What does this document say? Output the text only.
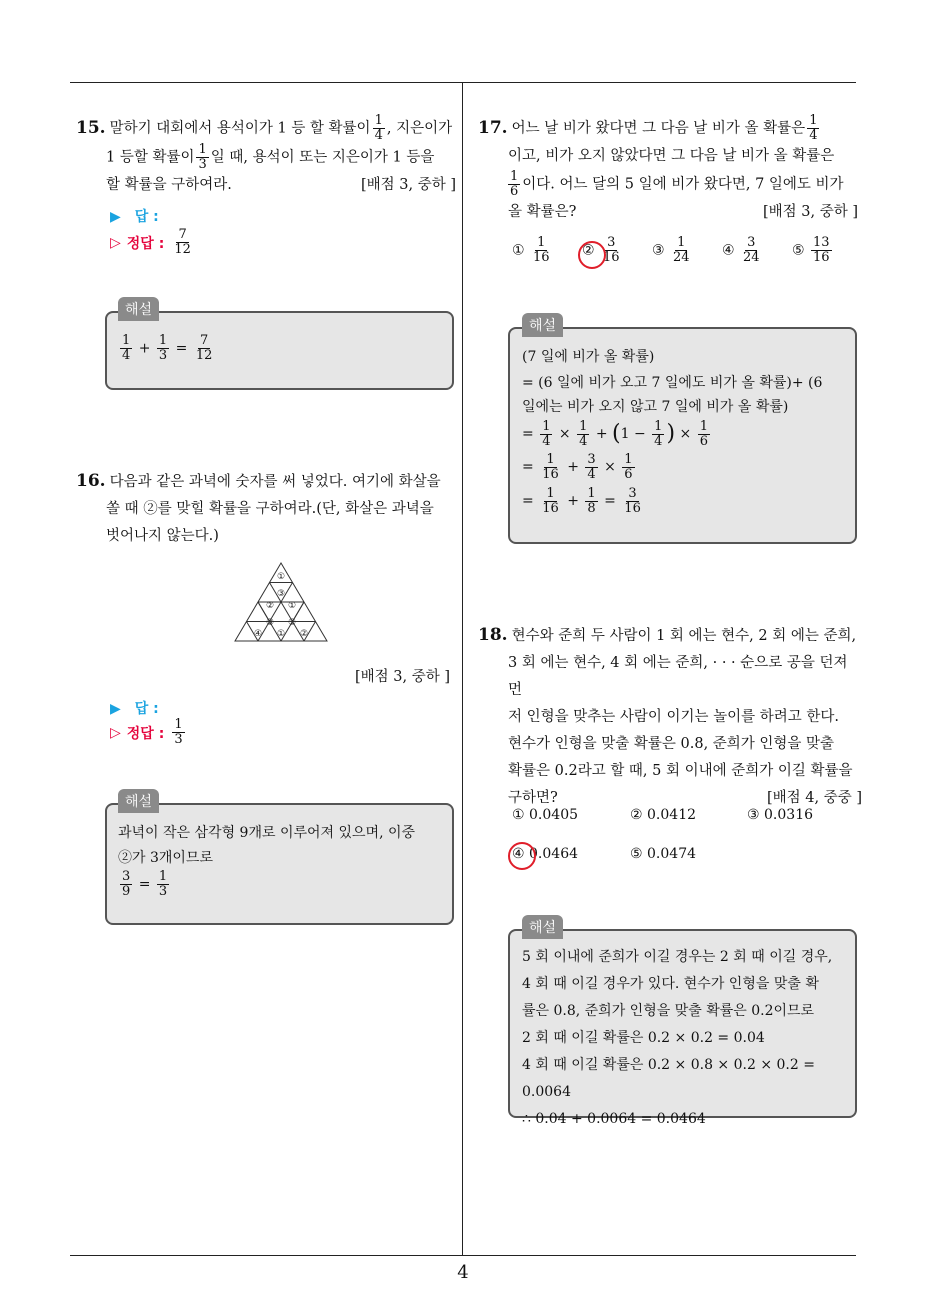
4
15. 말하기 대회에서 용석이가 1 등 할 확률이 $\frac{1}{4}$ , 지은이가
1 등할 확률이 $\frac{1}{3}$ 일 때, 용석이 또는 지은이가 1 등을
할 확률을 구하여라.	[배점 3, 중하 ]
▶ 답 :
▷ 정답 : $\frac{7}{12}$
해설
$\frac{1}{4} + \frac{1}{3} = \frac{7}{12}$
16. 다음과 같은 과녁에 숫자를 써 넣었다. 여기에 화살을
쏠 때 ②를 맞힐 확률을 구하여라.(단, 화살은 과녁을
벗어나지 않는다.)
①
③
② ①
④
③
① ②
②
[배점 3, 중하 ]
▶ 답 :
▷ 정답 : $\frac{1}{3}$
해설
과녁이 작은 삼각형 9개로 이루어져 있으며, 이중
②가 3개이므로
$\frac{3}{9} = \frac{1}{3}$
17. 어느 날 비가 왔다면 그 다음 날 비가 올 확률은 $\frac{1}{4}$
이고, 비가 오지 않았다면 그 다음 날 비가 올 확률은
$\frac{1}{6}$ 이다. 어느 달의 5 일에 비가 왔다면, 7 일에도 비가
올 확률은?	[배점 3, 중하 ]
① $\frac{1}{16}$ ② $\frac{3}{16}$ ③ $\frac{1}{24}$ ④ $\frac{3}{24}$ ⑤ $\frac{13}{16}$
해설
(7 일에 비가 올 확률)
= (6 일에 비가 오고 7 일에도 비가 올 확률)+ (6
일에는 비가 오지 않고 7 일에 비가 올 확률)
= $\frac{1}{4} \times \frac{1}{4} + (1 - \frac{1}{4}$ ) × $\frac{1}{6}$
= $\frac{1}{16} + \frac{3}{4} \times \frac{1}{6}$
= $\frac{1}{16} + \frac{1}{8} = \frac{3}{16}$
18. 현수와 준희 두 사람이 1 회 에는 현수, 2 회 에는 준희,
3 회 에는 현수, 4 회 에는 준희, · · · 순으로 공을 던져 먼
저 인형을 맞추는 사람이 이기는 놀이를 하려고 한다.
현수가 인형을 맞출 확률은 0.8, 준희가 인형을 맞출
확률은 0.2라고 할 때, 5 회 이내에 준희가 이길 확률을
구하면?	[배점 4, 중중 ]
① 0.0405	② 0.0412	③ 0.0316
④ 0.0464	⑤ 0.0474
해설
5 회 이내에 준희가 이길 경우는 2 회 때 이길 경우,
4 회 때 이길 경우가 있다. 현수가 인형을 맞출 확
률은 0.8, 준희가 인형을 맞출 확률은 0.2이므로
2 회 때 이길 확률은 0.2 × 0.2 = 0.04
4 회 때 이길 확률은 0.2 × 0.8 × 0.2 × 0.2 = 0.0064
∴ 0.04 + 0.0064 = 0.0464
